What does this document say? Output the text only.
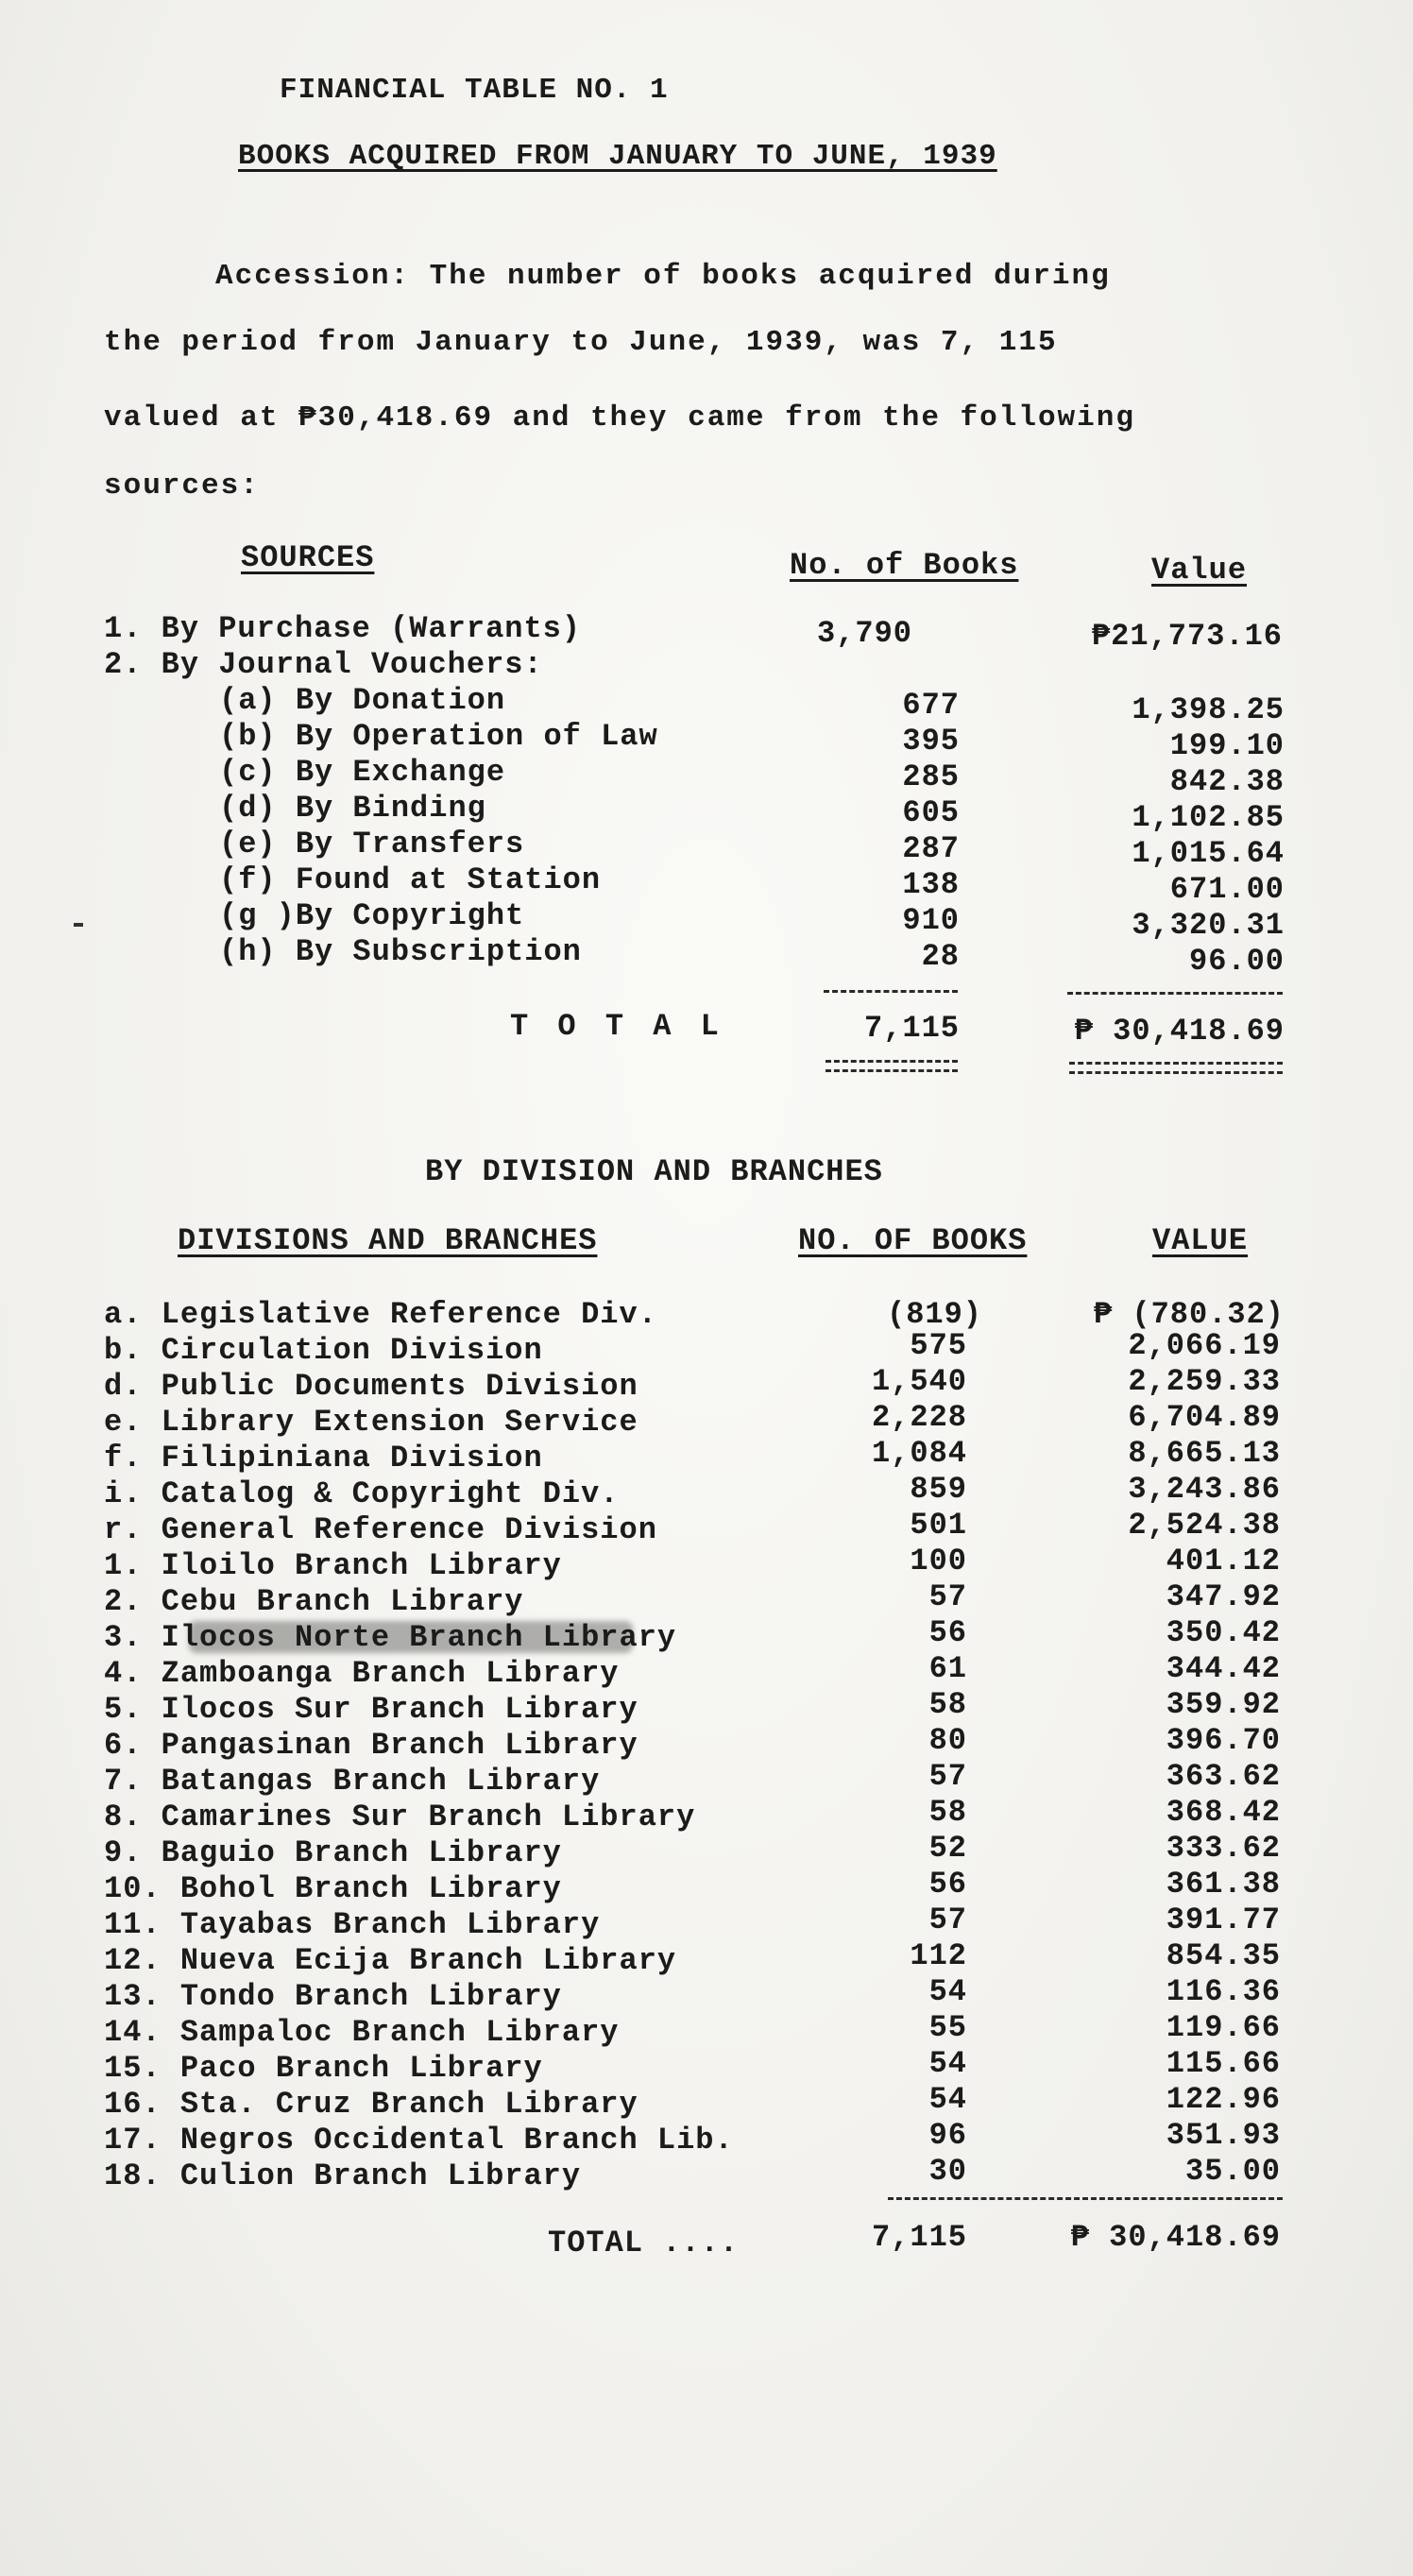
FINANCIAL TABLE NO. 1
BOOKS ACQUIRED FROM JANUARY TO JUNE, 1939
Accession: The number of books acquired during
the period from January to June, 1939, was 7, 115
valued at ₱30,418.69 and they came from the following
sources:
SOURCES	No. of Books	Value
1. By Purchase (Warrants)	3,790	₱21,773.16
2. By Journal Vouchers:
(a) By Donation	677	1,398.25
(b) By Operation of Law	395	199.10
(c) By Exchange	285	842.38
(d) By Binding	605	1,102.85
(e) By Transfers	287	1,015.64
(f) Found at Station	138	671.00
(g )By Copyright	910	3,320.31
(h) By Subscription	28	96.00
T O T A L	7,115	₱ 30,418.69
BY DIVISION AND BRANCHES
DIVISIONS AND BRANCHES	NO. OF BOOKS	VALUE
a. Legislative Reference Div.	(819)	₱ (780.32)
b. Circulation Division	575	2,066.19
d. Public Documents Division	1,540	2,259.33
e. Library Extension Service	2,228	6,704.89
f. Filipiniana Division	1,084	8,665.13
i. Catalog & Copyright Div.	859	3,243.86
r. General Reference Division	501	2,524.38
1. Iloilo Branch Library	100	401.12
2. Cebu Branch Library	57	347.92
3. Ilocos Norte Branch Library	56	350.42
4. Zamboanga Branch Library	61	344.42
5. Ilocos Sur Branch Library	58	359.92
6. Pangasinan Branch Library	80	396.70
7. Batangas Branch Library	57	363.62
8. Camarines Sur Branch Library	58	368.42
9. Baguio Branch Library	52	333.62
10. Bohol Branch Library	56	361.38
11. Tayabas Branch Library	57	391.77
12. Nueva Ecija Branch Library	112	854.35
13. Tondo Branch Library	54	116.36
14. Sampaloc Branch Library	55	119.66
15. Paco Branch Library	54	115.66
16. Sta. Cruz Branch Library	54	122.96
17. Negros Occidental Branch Lib.	96	351.93
18. Culion Branch Library	30	35.00
TOTAL ....	7,115	₱ 30,418.69
